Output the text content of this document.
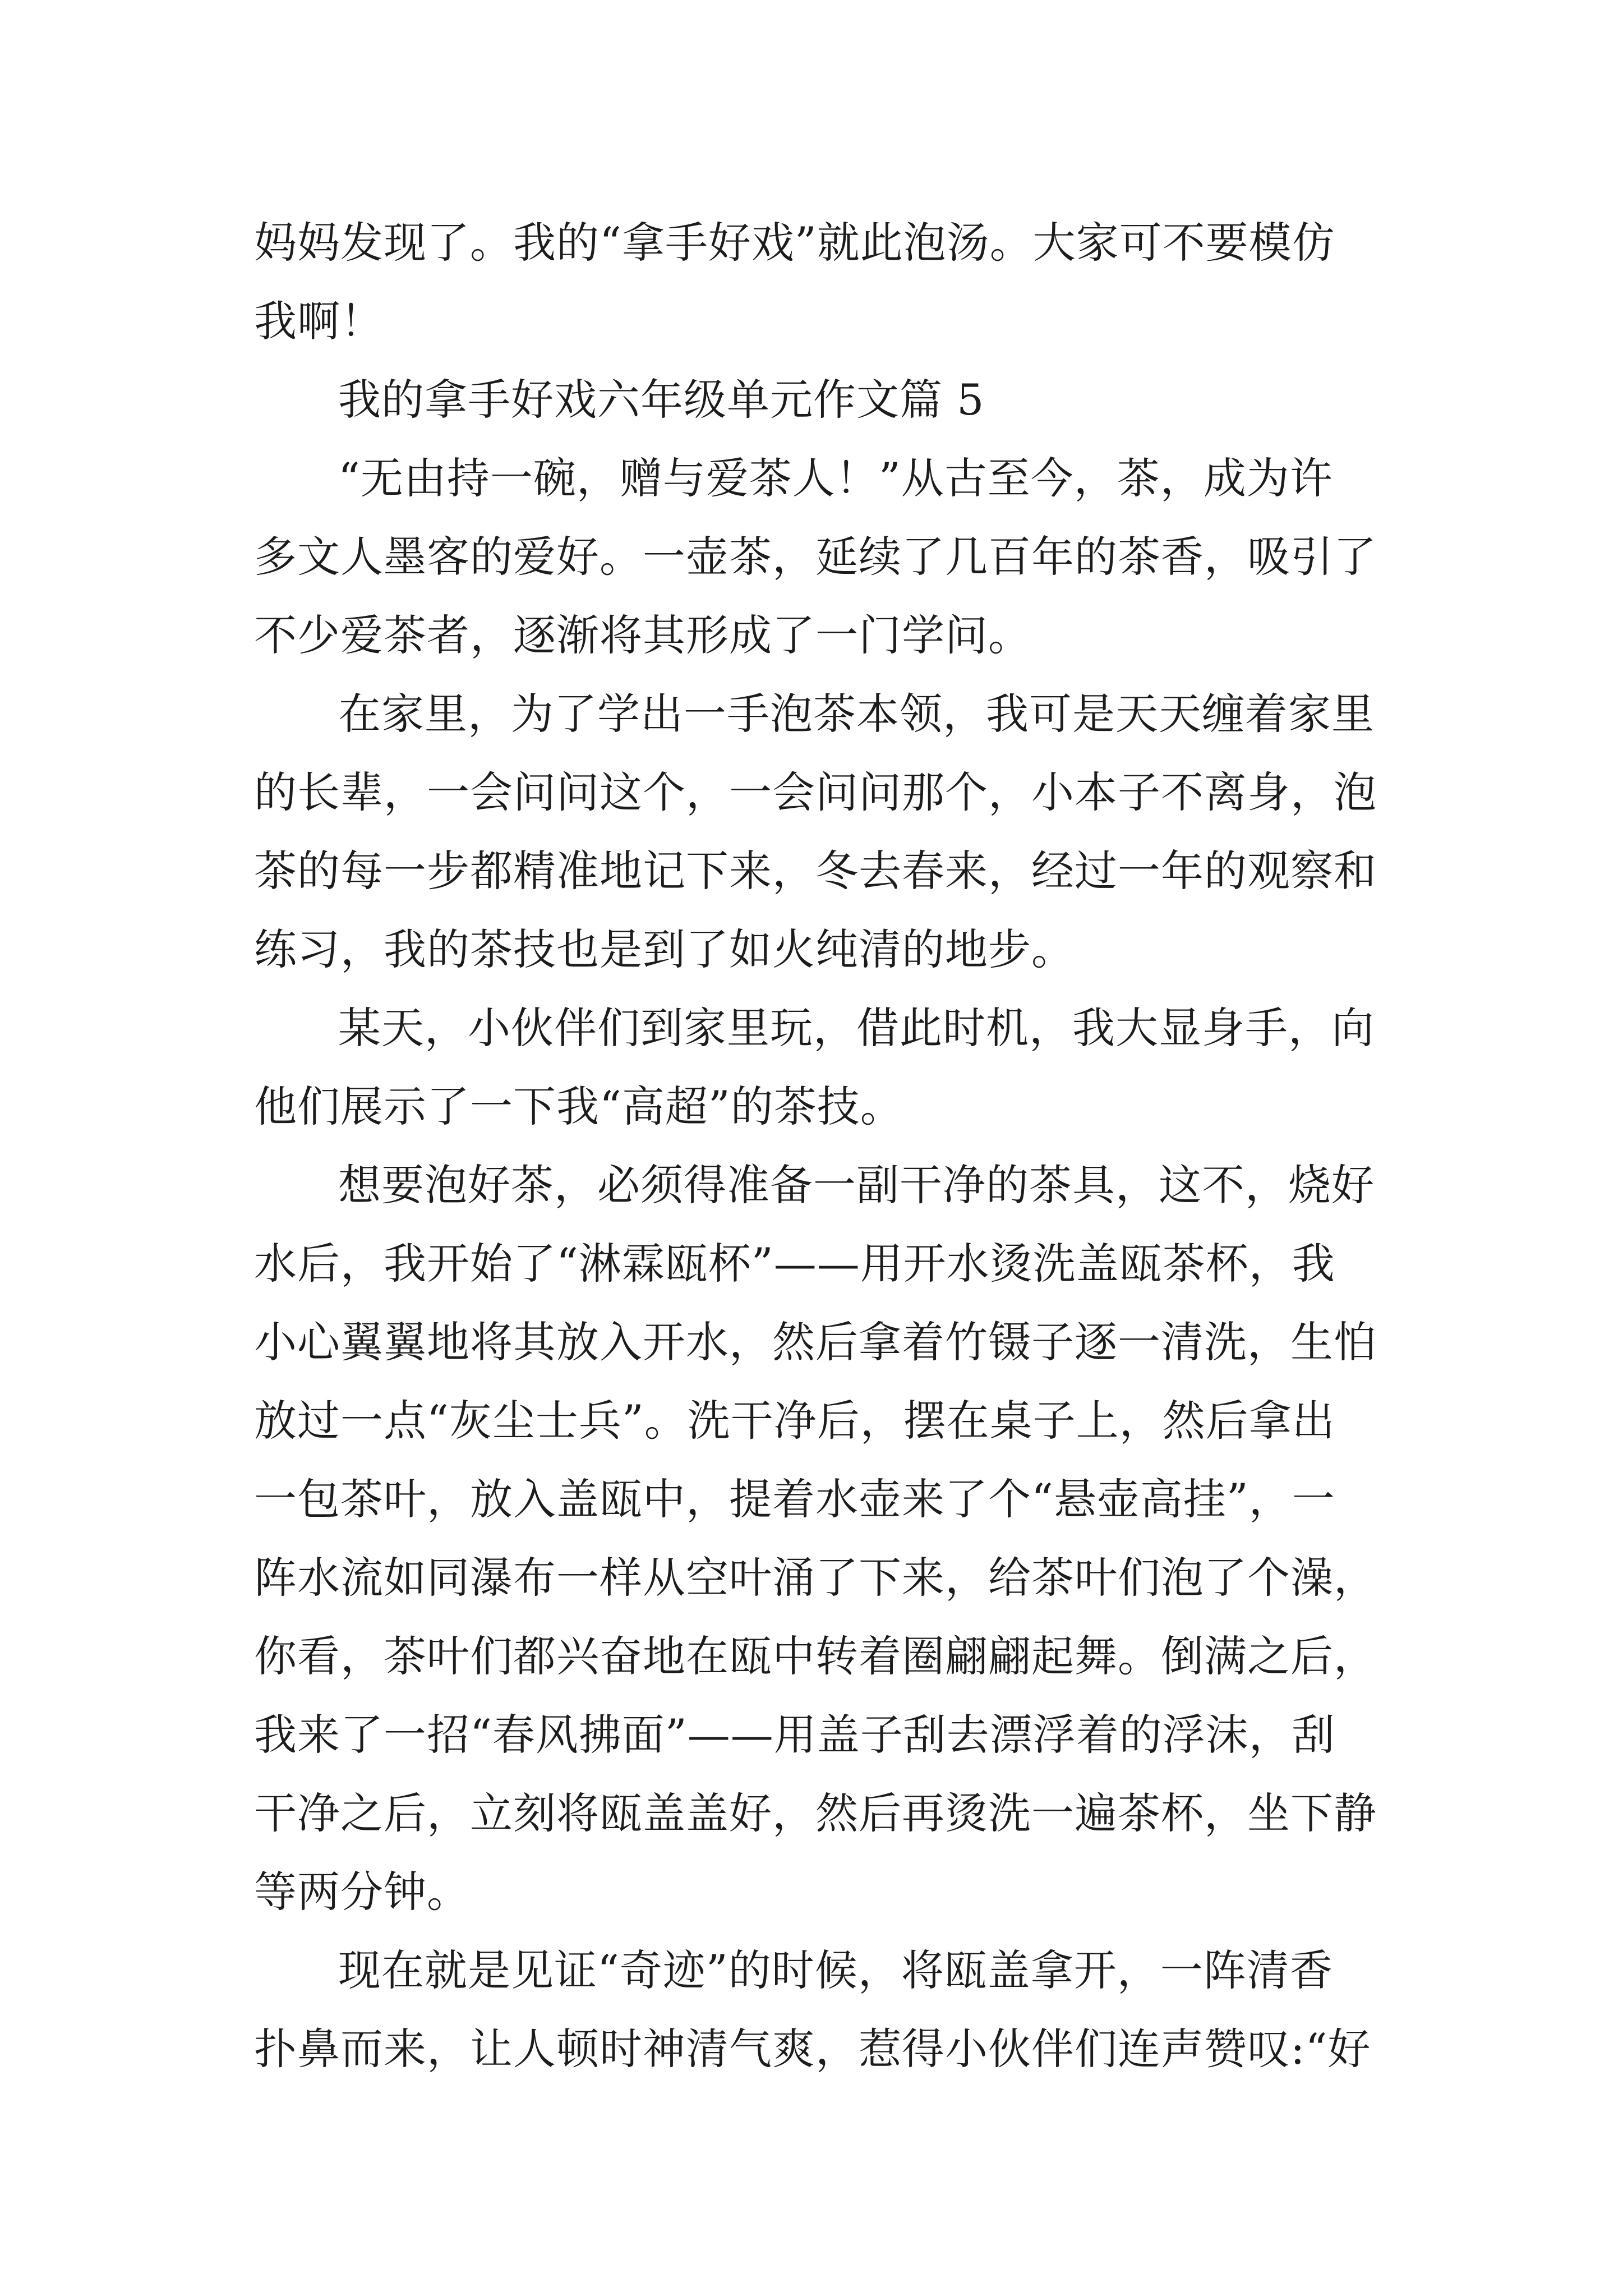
妈妈发现了。我的“拿手好戏”就此泡汤。大家可不要模仿
我啊！
我的拿手好戏六年级单元作文篇 5
“无由持一碗，赠与爱茶人！”从古至今，茶，成为许
多文人墨客的爱好。一壶茶，延续了几百年的茶香，吸引了
不少爱茶者，逐渐将其形成了一门学问。
在家里，为了学出一手泡茶本领，我可是天天缠着家里
的长辈，一会问问这个，一会问问那个，小本子不离身，泡
茶的每一步都精准地记下来，冬去春来，经过一年的观察和
练习，我的茶技也是到了如火纯清的地步。
某天，小伙伴们到家里玩，借此时机，我大显身手，向
他们展示了一下我“高超”的茶技。
想要泡好茶，必须得准备一副干净的茶具，这不，烧好
水后，我开始了“淋霖瓯杯”——用开水烫洗盖瓯茶杯，我
小心翼翼地将其放入开水，然后拿着竹镊子逐一清洗，生怕
放过一点“灰尘士兵”。洗干净后，摆在桌子上，然后拿出
一包茶叶，放入盖瓯中，提着水壶来了个“悬壶高挂”，一
阵水流如同瀑布一样从空叶涌了下来，给茶叶们泡了个澡，
你看，茶叶们都兴奋地在瓯中转着圈翩翩起舞。倒满之后，
我来了一招“春风拂面”——用盖子刮去漂浮着的浮沫，刮
干净之后，立刻将瓯盖盖好，然后再烫洗一遍茶杯，坐下静
等两分钟。
现在就是见证“奇迹”的时候，将瓯盖拿开，一阵清香
扑鼻而来，让人顿时神清气爽，惹得小伙伴们连声赞叹:“好
